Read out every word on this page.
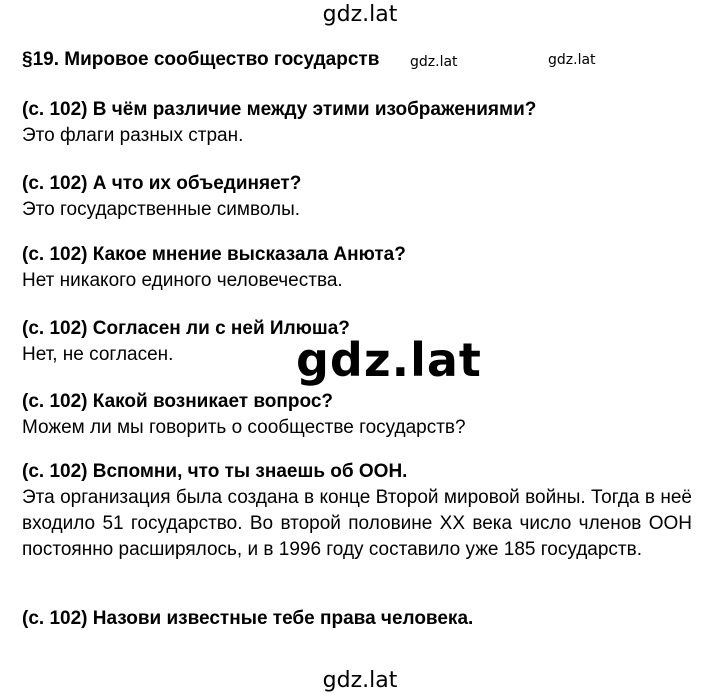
gdz.lat
§19. Мировое сообщество государств	gdz.lat	gdz.lat
(с. 102) В чём различие между этими изображениями?
Это флаги разных стран.
(с. 102) А что их объединяет?
Это государственные символы.
(с. 102) Какое мнение высказала Анюта?
Нет никакого единого человечества.
(с. 102) Согласен ли с ней Илюша?
Нет, не согласен.
(с. 102) Какой возникает вопрос?
Можем ли мы говорить о сообществе государств?
(с. 102) Вспомни, что ты знаешь об ООН.
Эта организация была создана в конце Второй мировой войны. Тогда в неё входило 51 государство. Во второй половине XX века число членов ООН постоянно расширялось, и в 1996 году составило уже 185 государств.
(с. 102) Назови известные тебе права человека.
gdz.lat
gdz.lat
